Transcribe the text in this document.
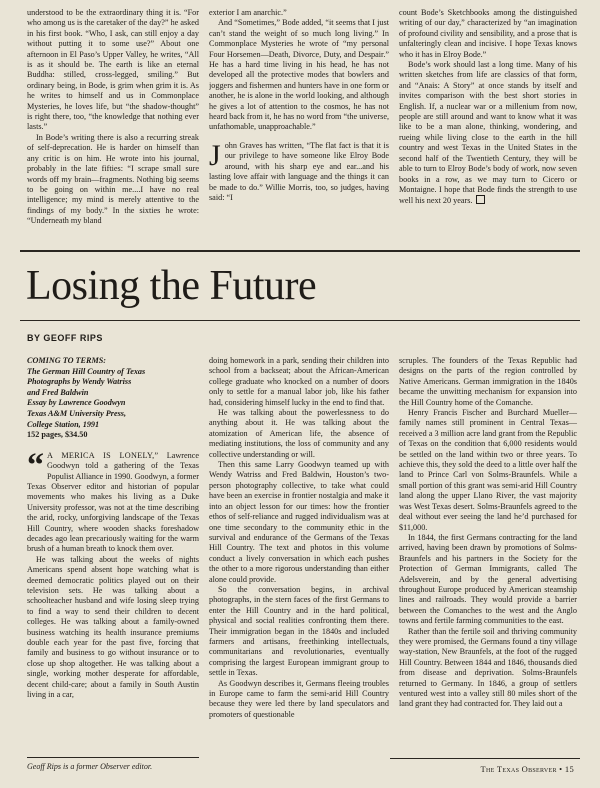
understood to be the extraordinary thing it is. “For who among us is the caretaker of the day?” he asked in his first book. “Who, I ask, can still enjoy a day without putting it to some use?” About one afternoon in El Paso’s Upper Valley, he writes, “All is as it should be. The earth is like an eternal Buddha: stilled, cross-legged, smiling.” But ordinary being, in Bode, is grim when grim it is. As he writes to himself and us in Commonplace Mysteries, he loves life, but “the shadow-thought” is right there, too, “the knowledge that nothing ever lasts.”

In Bode’s writing there is also a recurring streak of self-deprecation. He is harder on himself than any critic is on him. He wrote into his journal, probably in the late fifties: “I scrape small sure words off my brain—fragments. Nothing big seems to be going on within me....I have no real intelligence; my mind is merely attentive to the findings of my body.” In the sixties he wrote: “Underneath my bland

exterior I am anarchic.”

And “Sometimes,” Bode added, “it seems that I just can’t stand the weight of so much long living.” In Commonplace Mysteries he wrote of “my personal Four Horsemen—Death, Divorce, Duty, and Despair.” He has a hard time living in his head, he has not developed all the protective modes that bowlers and joggers and fishermen and hunters have in one form or another, he is alone in the world looking, and although he gives a lot of attention to the cosmos, he has not heard back from it, he has no word from “the universe, unfathomable, unapproachable.”

John Graves has written, “The flat fact is that it is our privilege to have someone like Elroy Bode around, with his sharp eye and ear...and his lasting love affair with language and the things it can be made to do.” Willie Morris, too, so judges, having said: “I

count Bode’s Sketchbooks among the distinguished writing of our day,” characterized by “an imagination of profound civility and sensibility, and a prose that is unfalteringly clean and incisive. I hope Texas knows who it has in Elroy Bode.”

Bode’s work should last a long time. Many of his written sketches from life are classics of that form, and “Anais: A Story” at once stands by itself and invites comparison with the best short stories in English. If, a nuclear war or a millenium from now, people are still around and want to know what it was like to be a man alone, thinking, wondering, and rueing while living close to the earth in the hill country and west Texas in the United States in the second half of the Twentieth Century, they will be able to turn to Elroy Bode’s body of work, now seven books in a row, as we may turn to Cicero or Montaigne. I hope that Bode finds the strength to use well his next 20 years.

Losing the Future
BY GEOFF RIPS
COMING TO TERMS:
The German Hill Country of Texas
Photographs by Wendy Watriss
and Fred Baldwin
Essay by Lawrence Goodwyn
Texas A&M University Press,
College Station, 1991
152 pages, $34.50
“ A MERICA IS LONELY,” Lawrence Goodwyn told a gathering of the Texas Populist Alliance in 1990. Goodwyn, a former Texas Observer editor and historian of popular movements who makes his living as a Duke University professor, was not at the time describing the arid, rocky, unforgiving landscape of the Texas Hill Country, where wooden shacks foreshadow decades ago lean precariously waiting for the warm brush of a human breath to knock them over.

He was talking about the weeks of nights Americans spend absent hope watching what is deemed democratic politics played out on their television sets. He was talking about a schoolteacher husband and wife losing sleep trying to find a way to send their children to decent colleges. He was talking about a family-owned business watching its health insurance premiums double each year for the past five, forcing that family and business to go without insurance or to close up shop altogether. He was talking about a single, working mother desperate for affordable, decent child-care; about a family in South Austin living in a car,

doing homework in a park, sending their children into school from a backseat; about the African-American college graduate who knocked on a number of doors only to settle for a manual labor job, like his father had, considering himself lucky in the end to find that.

He was talking about the powerlessness to do anything about it. He was talking about the atomization of American life, the absence of mediating institutions, the loss of community and any collective understanding or will.

Then this same Larry Goodwyn teamed up with Wendy Watriss and Fred Baldwin, Houston’s two-person photography collective, to take what could have been an exercise in frontier nostalgia and make it into an object lesson for our times: how the frontier ethos of self-reliance and rugged individualism was at one time secondary to the community ethic in the survival and endurance of the Germans of the Texas Hill Country. The text and photos in this volume conduct a lively conversation in which each pushes the other to a more rigorous understanding than either alone could provide.

So the conversation begins, in archival photographs, in the stern faces of the first Germans to enter the Hill Country and in the hard political, physical and social realities confronting them there. Their immigration began in the 1840s and included farmers and artisans, freethinking intellectuals, communitarians and revolutionaries, eventually comprising the largest European immigrant group to settle in Texas.

As Goodwyn describes it, Germans fleeing troubles in Europe came to farm the semi-arid Hill Country because they were led there by land speculators and promoters of questionable

scruples. The founders of the Texas Republic had designs on the parts of the region controlled by Native Americans. German immigration in the 1840s became the unwitting mechanism for expansion into the Hill Country home of the Comanche.

Henry Francis Fischer and Burchard Mueller—family names still prominent in Central Texas—received a 3 million acre land grant from the Republic of Texas on the condition that 6,000 residents would be settled on the land within two or three years. To achieve this, they sold the deed to a little over half the land to Prince Carl von Solms-Braunfels. While a small portion of this grant was semi-arid Hill Country land along the upper Llano River, the vast majority was West Texas desert. Solms-Braunfels agreed to the deal without ever seeing the land he’d purchased for $11,000.

In 1844, the first Germans contracting for the land arrived, having been drawn by promotions of Solms-Braunfels and his partners in the Society for the Protection of German Immigrants, called The Adelsverein, and by the general advertising throughout Europe produced by American steamship lines and railroads. They would provide a barrier between the Comanches to the west and the Anglo towns and fertile farming communities to the east.

Rather than the fertile soil and thriving community they were promised, the Germans found a tiny village way-station, New Braunfels, at the foot of the rugged Hill Country. Between 1844 and 1846, thousands died from disease and deprivation. Solms-Braunfels returned to Germany. In 1846, a group of settlers ventured west into a valley still 80 miles short of the land grant they had contracted for. They laid out a

Geoff Rips is a former Observer editor.	The Texas Observer • 15
